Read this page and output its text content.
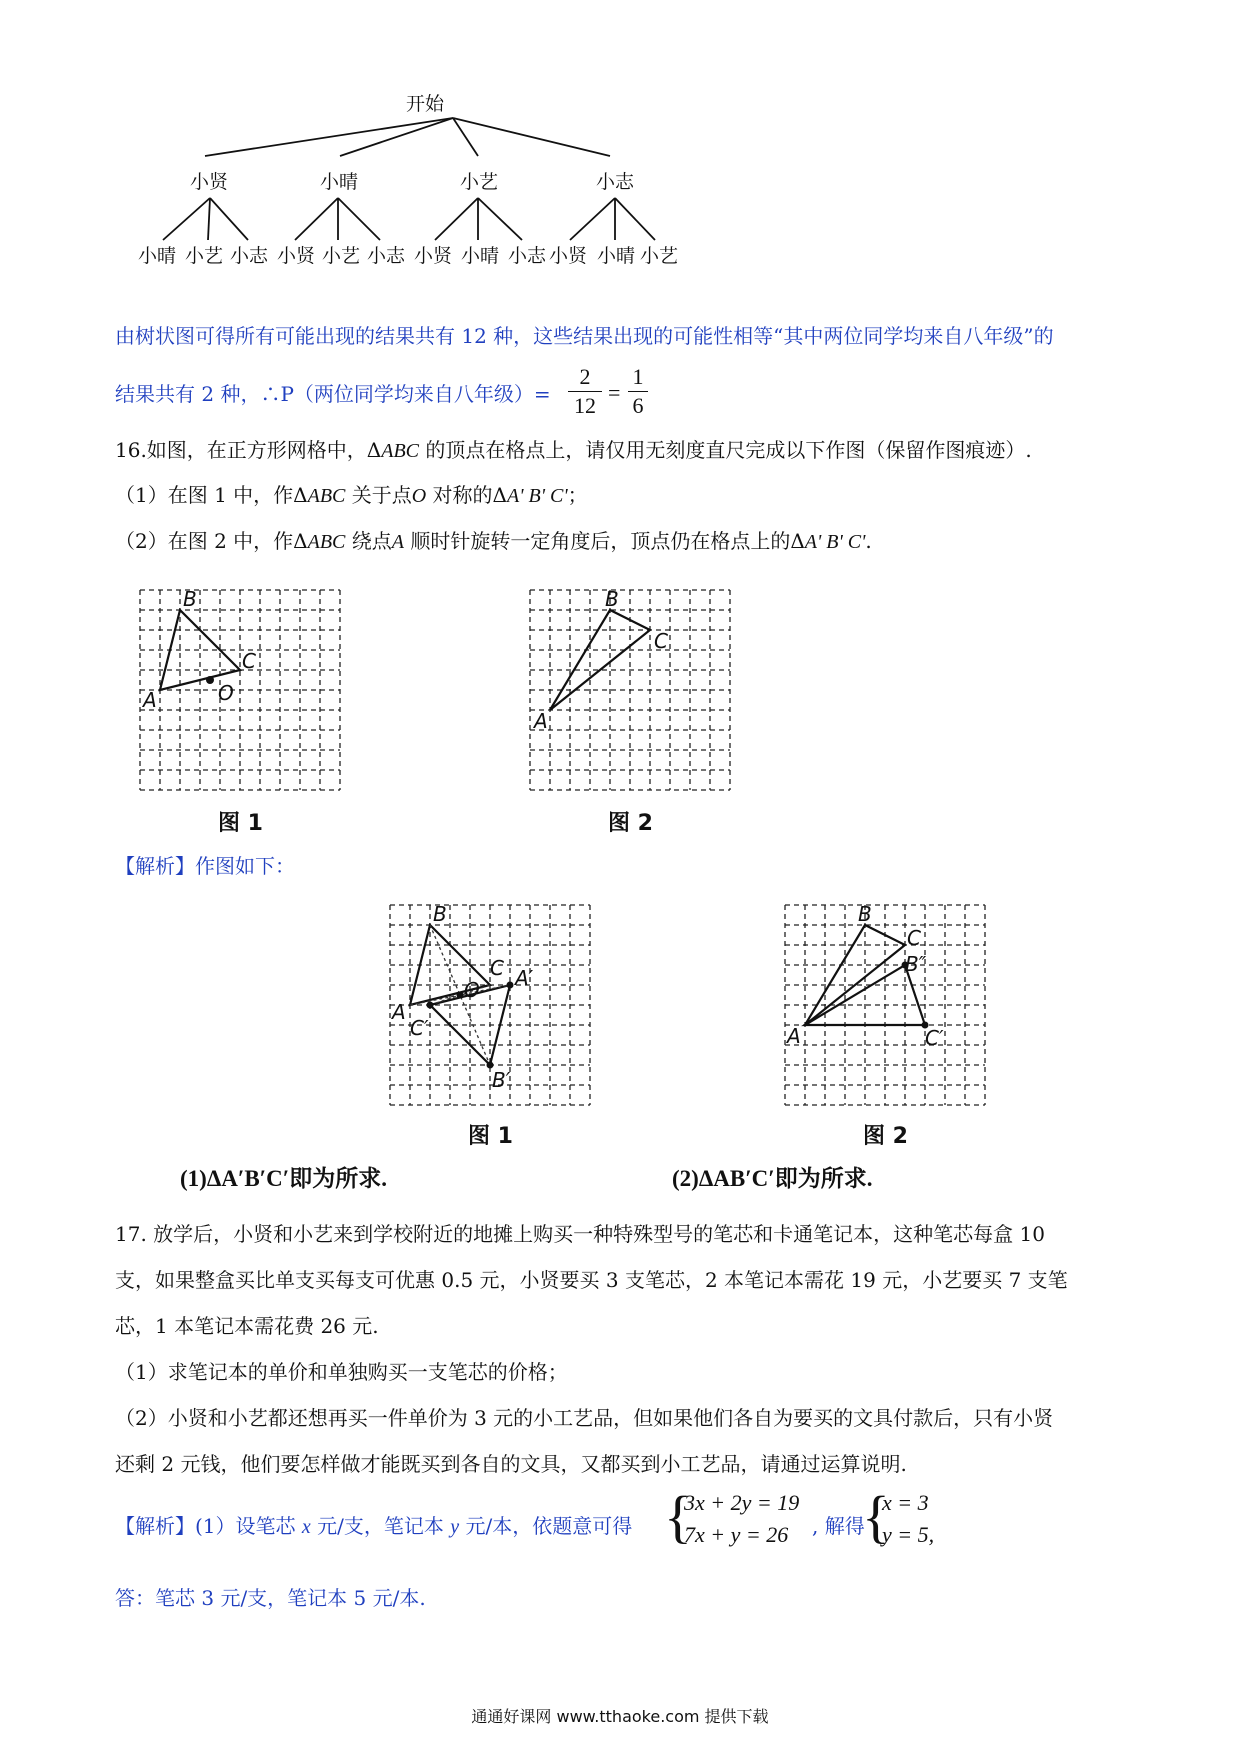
开始
小贤	小晴	小艺	小志
小晴 小艺 小志 小贤 小艺 小志 小贤 小晴 小志 小贤 小晴 小艺
由树状图可得所有可能出现的结果共有 12 种，这些结果出现的可能性相等“其中两位同学均来自八年级”的
结果共有 2 种，∴P（两位同学均来自八年级）=
2
12
=
1
6
16.如图，在正方形网格中，ΔABC 的顶点在格点上，请仅用无刻度直尺完成以下作图（保留作图痕迹）.
（1）在图 1 中，作ΔABC 关于点O 对称的ΔA' B' C'；
（2）在图 2 中，作ΔABC 绕点A 顺时针旋转一定角度后，顶点仍在格点上的ΔA' B' C'.
B
C
A	O
图 1
B
C
A
图 2
【解析】作图如下：
B
C
A
O A′
C′
B′
图 1
B
C
B″
A	C′
图 2
(1)ΔA′B′C′即为所求.	(2)ΔAB′C′即为所求.
17. 放学后，小贤和小艺来到学校附近的地摊上购买一种特殊型号的笔芯和卡通笔记本，这种笔芯每盒 10
支，如果整盒买比单支买每支可优惠 0.5 元，小贤要买 3 支笔芯，2 本笔记本需花 19 元，小艺要买 7 支笔
芯，1 本笔记本需花费 26 元.
（1）求笔记本的单价和单独购买一支笔芯的价格；
（2）小贤和小艺都还想再买一件单价为 3 元的小工艺品，但如果他们各自为要买的文具付款后，只有小贤
还剩 2 元钱，他们要怎样做才能既买到各自的文具，又都买到小工艺品，请通过运算说明.
【解析】(1）设笔芯 x 元/支，笔记本 y 元/本，依题意可得 {
3x + 2y = 19
7x + y = 26	, 解得
{
x = 3
y = 5,
答：笔芯 3 元/支，笔记本 5 元/本.
通通好课网 www.tthaoke.com 提供下载
